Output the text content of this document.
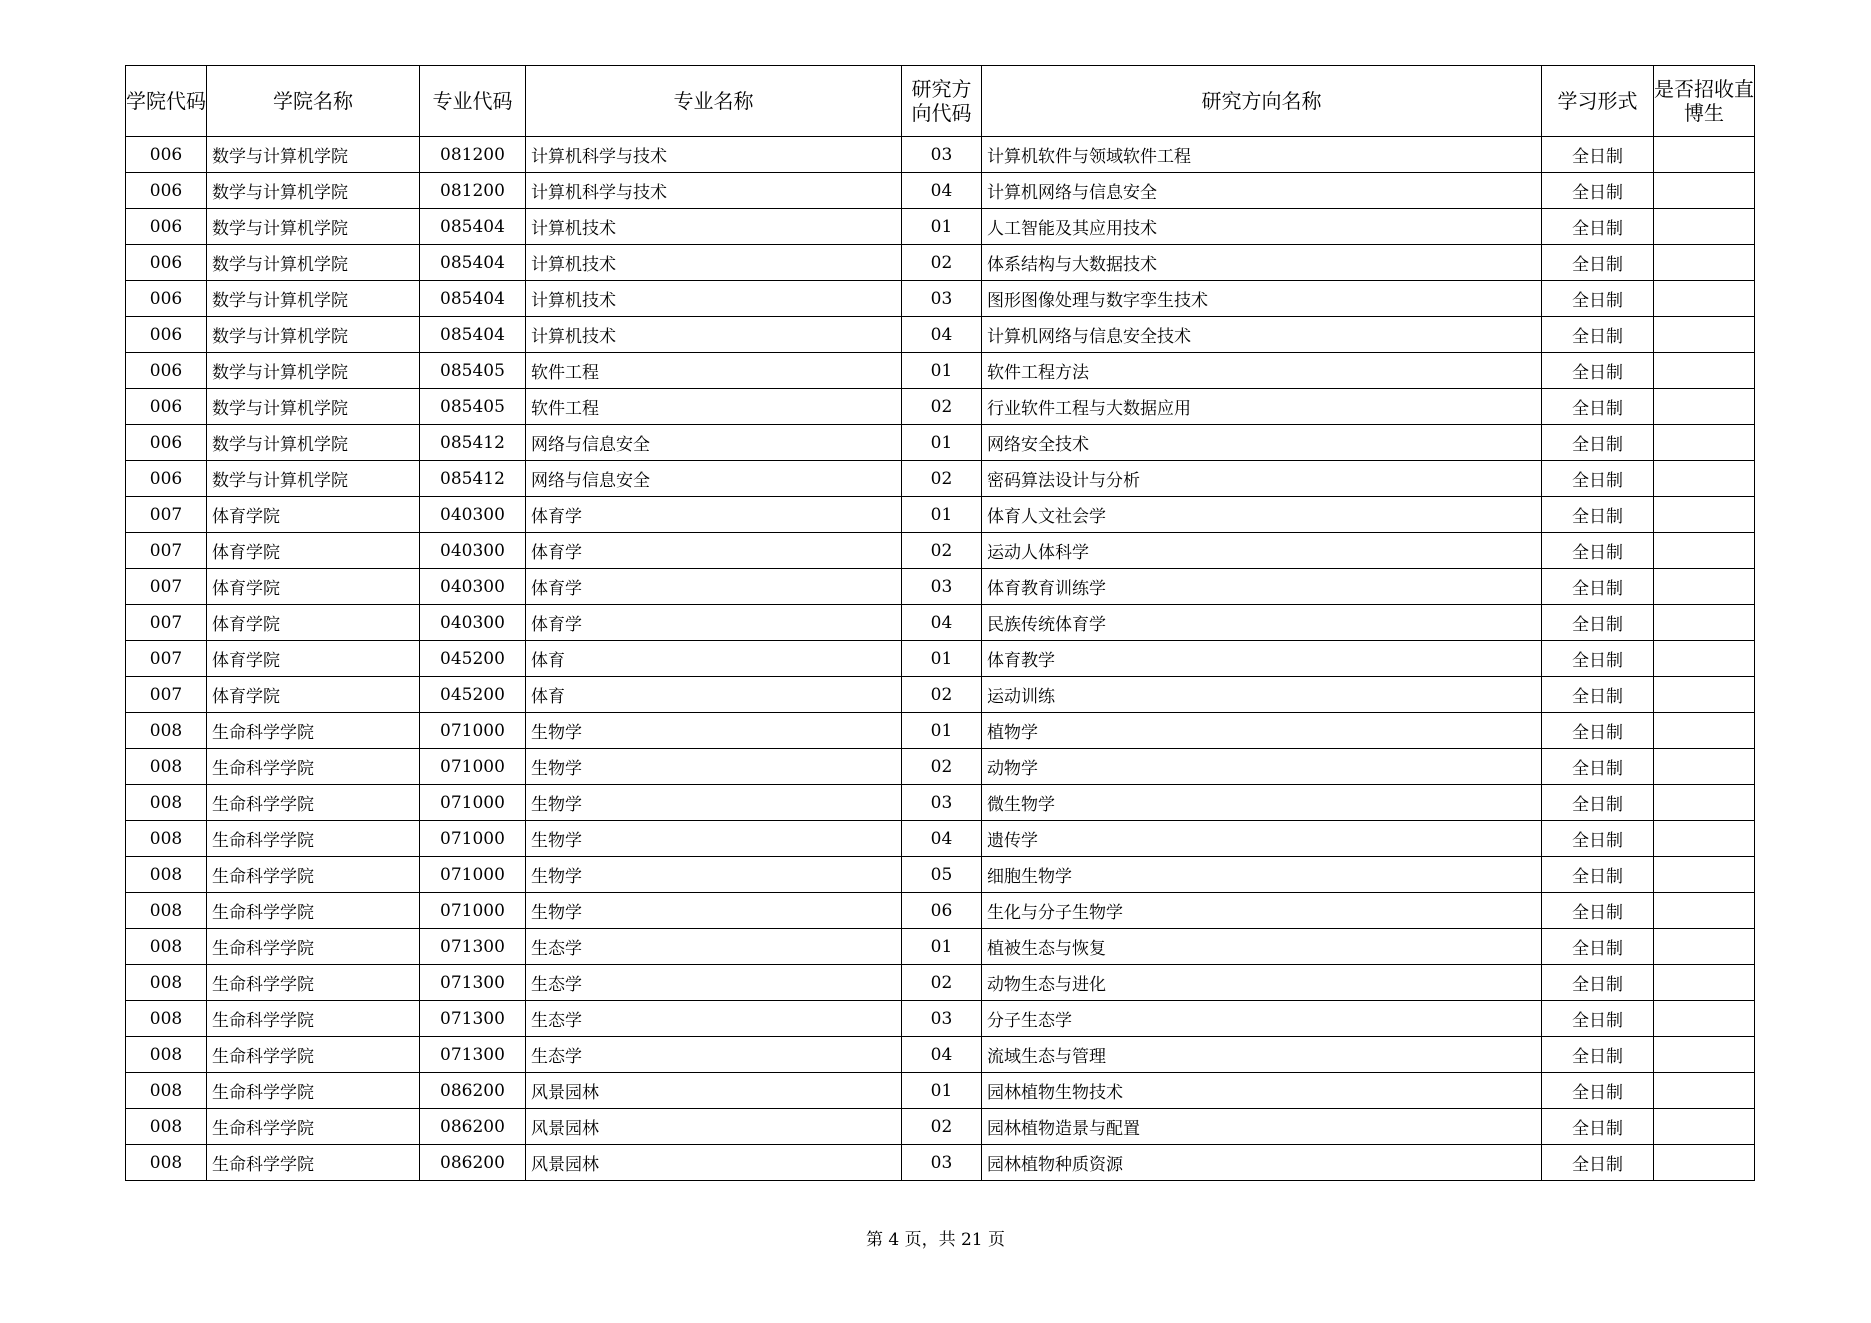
学院代码	学院名称	专业代码	专业名称	研究方向代码	研究方向名称	学习形式	是否招收直博生
006	数学与计算机学院	081200	计算机科学与技术	03	计算机软件与领域软件工程	全日制	
006	数学与计算机学院	081200	计算机科学与技术	04	计算机网络与信息安全	全日制	
006	数学与计算机学院	085404	计算机技术	01	人工智能及其应用技术	全日制	
006	数学与计算机学院	085404	计算机技术	02	体系结构与大数据技术	全日制	
006	数学与计算机学院	085404	计算机技术	03	图形图像处理与数字孪生技术	全日制	
006	数学与计算机学院	085404	计算机技术	04	计算机网络与信息安全技术	全日制	
006	数学与计算机学院	085405	软件工程	01	软件工程方法	全日制	
006	数学与计算机学院	085405	软件工程	02	行业软件工程与大数据应用	全日制	
006	数学与计算机学院	085412	网络与信息安全	01	网络安全技术	全日制	
006	数学与计算机学院	085412	网络与信息安全	02	密码算法设计与分析	全日制	
007	体育学院	040300	体育学	01	体育人文社会学	全日制	
007	体育学院	040300	体育学	02	运动人体科学	全日制	
007	体育学院	040300	体育学	03	体育教育训练学	全日制	
007	体育学院	040300	体育学	04	民族传统体育学	全日制	
007	体育学院	045200	体育	01	体育教学	全日制	
007	体育学院	045200	体育	02	运动训练	全日制	
008	生命科学学院	071000	生物学	01	植物学	全日制	
008	生命科学学院	071000	生物学	02	动物学	全日制	
008	生命科学学院	071000	生物学	03	微生物学	全日制	
008	生命科学学院	071000	生物学	04	遗传学	全日制	
008	生命科学学院	071000	生物学	05	细胞生物学	全日制	
008	生命科学学院	071000	生物学	06	生化与分子生物学	全日制	
008	生命科学学院	071300	生态学	01	植被生态与恢复	全日制	
008	生命科学学院	071300	生态学	02	动物生态与进化	全日制	
008	生命科学学院	071300	生态学	03	分子生态学	全日制	
008	生命科学学院	071300	生态学	04	流域生态与管理	全日制	
008	生命科学学院	086200	风景园林	01	园林植物生物技术	全日制	
008	生命科学学院	086200	风景园林	02	园林植物造景与配置	全日制	
008	生命科学学院	086200	风景园林	03	园林植物种质资源	全日制	
第 4 页，共 21 页
